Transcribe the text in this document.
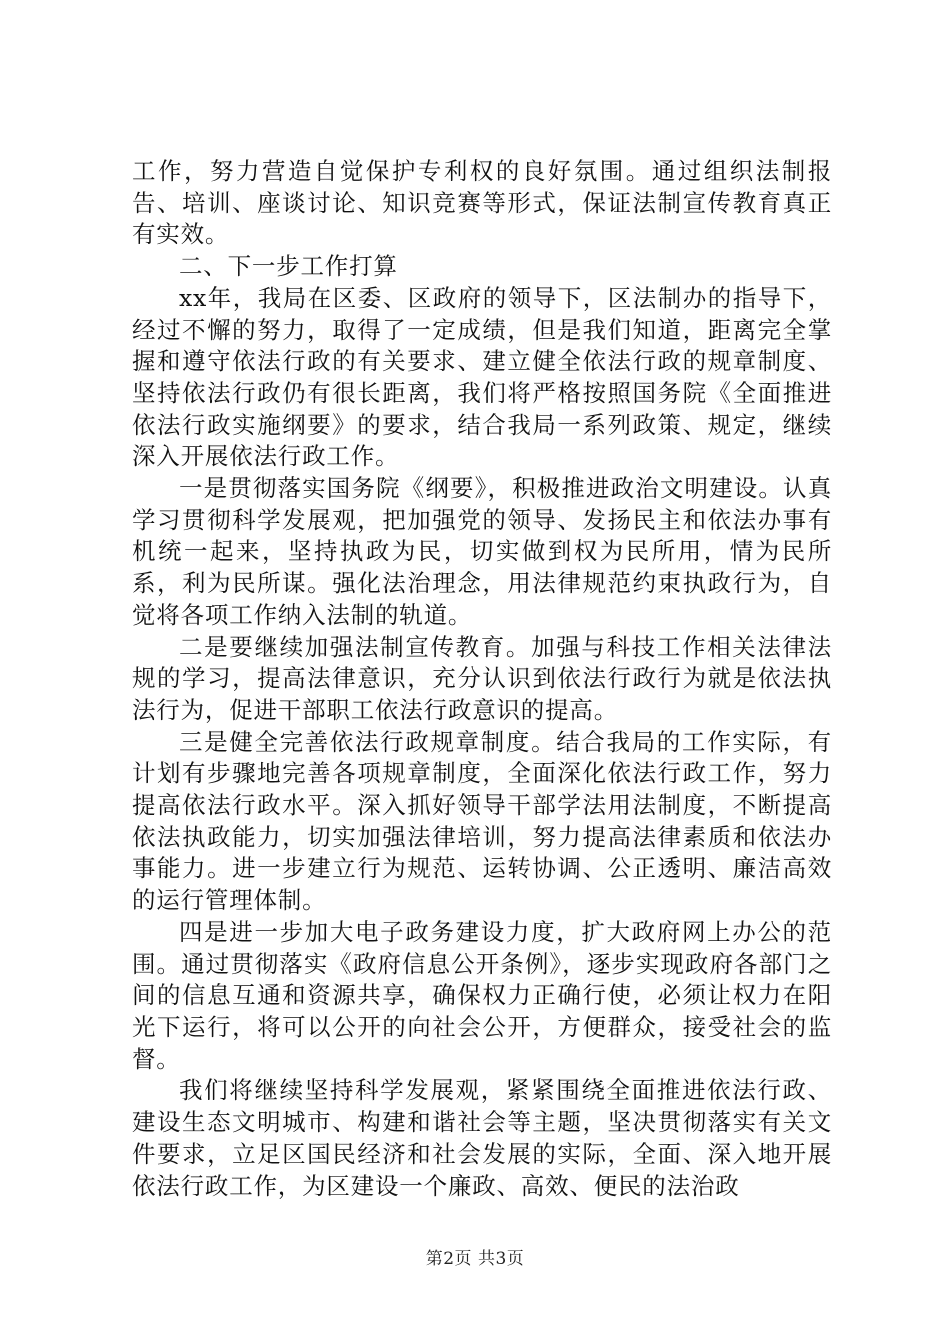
工作，努力营造自觉保护专利权的良好氛围。通过组织法制报告、培训、座谈讨论、知识竞赛等形式，保证法制宣传教育真正有实效。

二、下一步工作打算

xx年，我局在区委、区政府的领导下，区法制办的指导下，经过不懈的努力，取得了一定成绩，但是我们知道，距离完全掌握和遵守依法行政的有关要求、建立健全依法行政的规章制度、坚持依法行政仍有很长距离，我们将严格按照国务院《全面推进依法行政实施纲要》的要求，结合我局一系列政策、规定，继续深入开展依法行政工作。

一是贯彻落实国务院《纲要》，积极推进政治文明建设。认真学习贯彻科学发展观，把加强党的领导、发扬民主和依法办事有机统一起来，坚持执政为民，切实做到权为民所用，情为民所系，利为民所谋。强化法治理念，用法律规范约束执政行为，自觉将各项工作纳入法制的轨道。

二是要继续加强法制宣传教育。加强与科技工作相关法律法规的学习，提高法律意识，充分认识到依法行政行为就是依法执法行为，促进干部职工依法行政意识的提高。

三是健全完善依法行政规章制度。结合我局的工作实际，有计划有步骤地完善各项规章制度，全面深化依法行政工作，努力提高依法行政水平。深入抓好领导干部学法用法制度，不断提高依法执政能力，切实加强法律培训，努力提高法律素质和依法办事能力。进一步建立行为规范、运转协调、公正透明、廉洁高效的运行管理体制。

四是进一步加大电子政务建设力度，扩大政府网上办公的范围。通过贯彻落实《政府信息公开条例》，逐步实现政府各部门之间的信息互通和资源共享，确保权力正确行使，必须让权力在阳光下运行，将可以公开的向社会公开，方便群众，接受社会的监督。

我们将继续坚持科学发展观，紧紧围绕全面推进依法行政、建设生态文明城市、构建和谐社会等主题，坚决贯彻落实有关文件要求，立足区国民经济和社会发展的实际，全面、深入地开展依法行政工作，为区建设一个廉政、高效、便民的法治政

第2页 共3页
